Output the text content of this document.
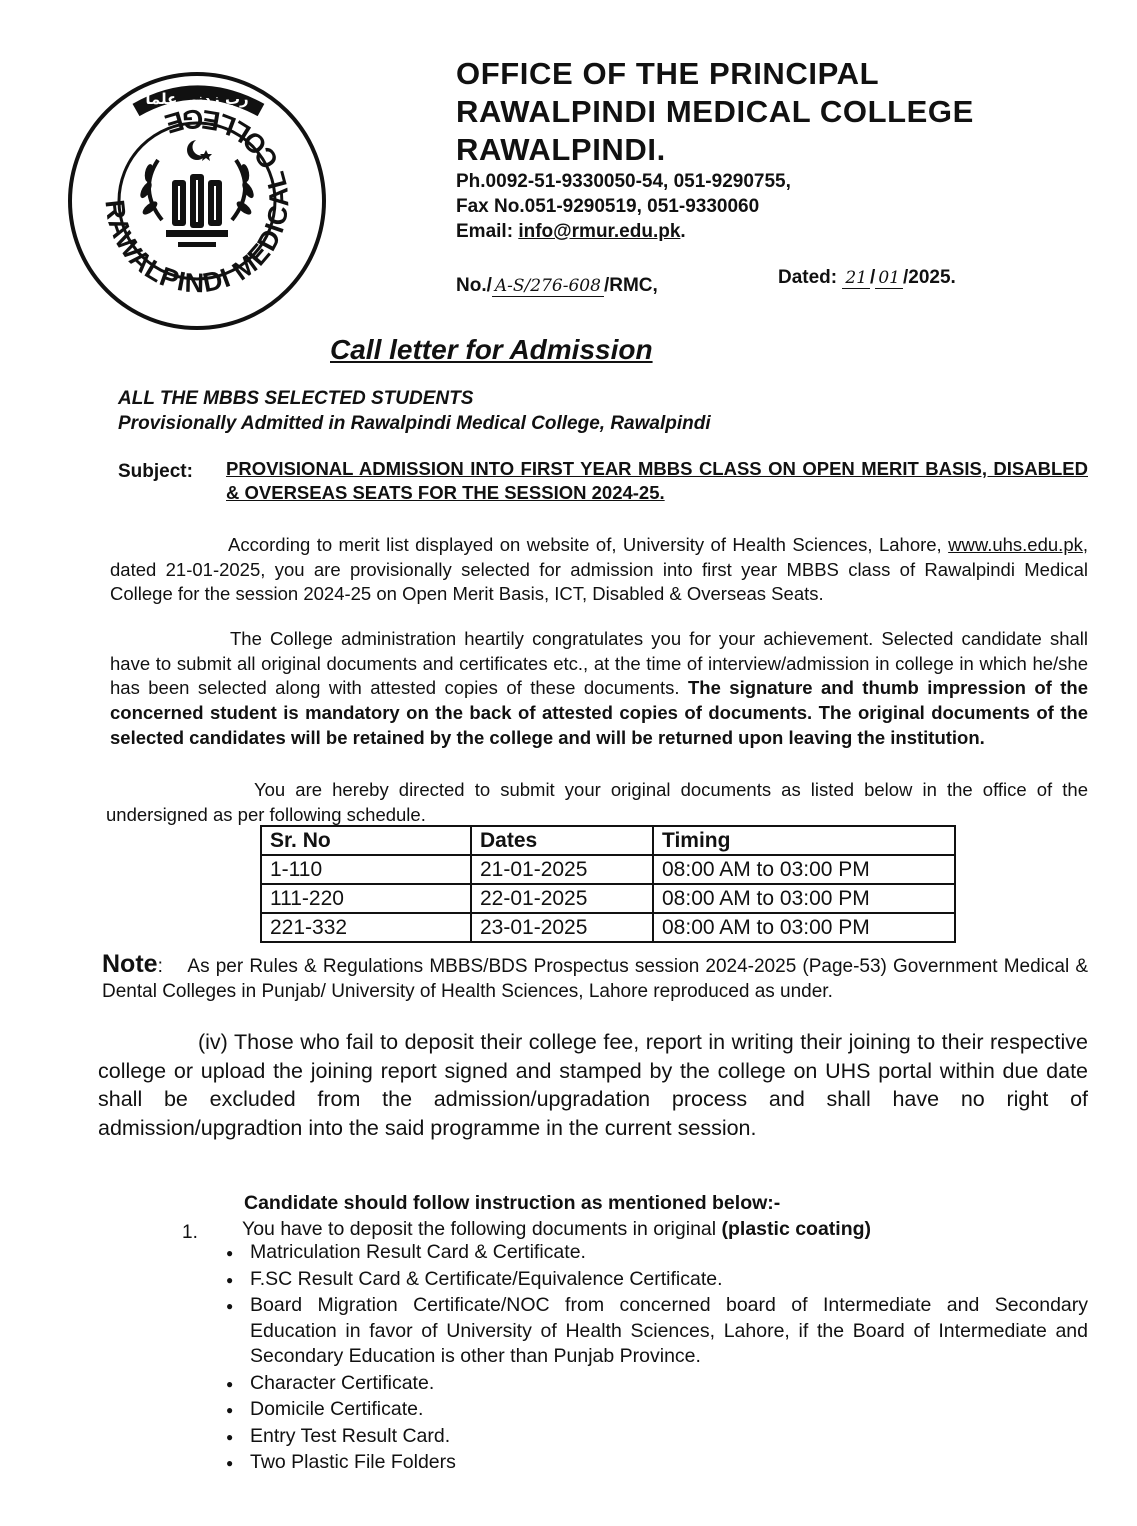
RAWALPINDI MEDICAL COLLEGE
رب زدنی علما
OFFICE OF THE PRINCIPAL
RAWALPINDI MEDICAL COLLEGE
RAWALPINDI.
Ph.0092-51-9330050-54, 051-9290755,
Fax No.051-9290519, 051-9330060
Email: info@rmur.edu.pk.
No./ A-S/276-608 /RMC,	Dated: 21 / 01 /2025.
Call letter for Admission
ALL THE MBBS SELECTED STUDENTS
Provisionally Admitted in Rawalpindi Medical College, Rawalpindi
Subject: PROVISIONAL ADMISSION INTO FIRST YEAR MBBS CLASS ON OPEN MERIT BASIS, DISABLED & OVERSEAS SEATS FOR THE SESSION 2024-25.
According to merit list displayed on website of, University of Health Sciences, Lahore, www.uhs.edu.pk, dated 21-01-2025, you are provisionally selected for admission into first year MBBS class of Rawalpindi Medical College for the session 2024-25 on Open Merit Basis, ICT, Disabled & Overseas Seats.
The College administration heartily congratulates you for your achievement. Selected candidate shall have to submit all original documents and certificates etc., at the time of interview/admission in college in which he/she has been selected along with attested copies of these documents. The signature and thumb impression of the concerned student is mandatory on the back of attested copies of documents. The original documents of the selected candidates will be retained by the college and will be returned upon leaving the institution.
You are hereby directed to submit your original documents as listed below in the office of the undersigned as per following schedule.
Sr. No	Dates	Timing
1-110	21-01-2025	08:00 AM to 03:00 PM
111-220	22-01-2025	08:00 AM to 03:00 PM
221-332	23-01-2025	08:00 AM to 03:00 PM
Note: As per Rules & Regulations MBBS/BDS Prospectus session 2024-2025 (Page-53) Government Medical & Dental Colleges in Punjab/ University of Health Sciences, Lahore reproduced as under.
(iv) Those who fail to deposit their college fee, report in writing their joining to their respective college or upload the joining report signed and stamped by the college on UHS portal within due date shall be excluded from the admission/upgradation process and shall have no right of admission/upgradtion into the said programme in the current session.
Candidate should follow instruction as mentioned below:-
1. You have to deposit the following documents in original (plastic coating)
● Matriculation Result Card & Certificate.
● F.SC Result Card & Certificate/Equivalence Certificate.
● Board Migration Certificate/NOC from concerned board of Intermediate and Secondary Education in favor of University of Health Sciences, Lahore, if the Board of Intermediate and Secondary Education is other than Punjab Province.
● Character Certificate.
● Domicile Certificate.
● Entry Test Result Card.
● Two Plastic File Folders
